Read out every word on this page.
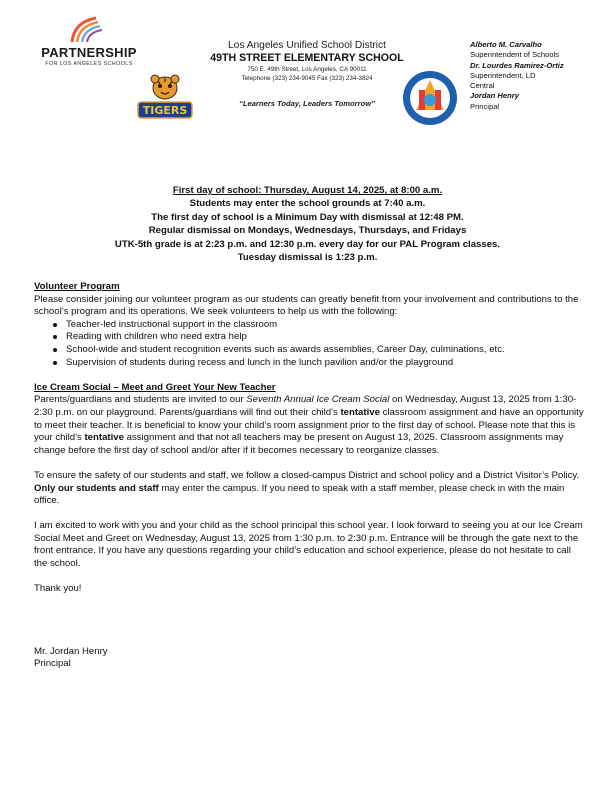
PARTNERSHIP
FOR LOS ANGELES SCHOOLS
TIGERS
Los Angeles Unified School District
49TH STREET ELEMENTARY SCHOOL
750 E. 49th Street, Los Angeles, CA 90011
Telephone (323) 234-9045 Fax (323) 234-3824
“Learners Today, Leaders Tomorrow”
Alberto M. Carvalho
Superintendent of Schools
Dr. Lourdes Ramirez-Ortiz
Superintendent, LD Central
Jordan Henry
Principal
First day of school: Thursday, August 14, 2025, at 8:00 a.m.
Students may enter the school grounds at 7:40 a.m.
The first day of school is a Minimum Day with dismissal at 12:48 PM.
Regular dismissal on Mondays, Wednesdays, Thursdays, and Fridays
UTK-5th grade is at 2:23 p.m. and 12:30 p.m. every day for our PAL Program classes.
Tuesday dismissal is 1:23 p.m.
Volunteer Program

Please consider joining our volunteer program as our students can greatly benefit from your involvement and contributions to the school’s program and its operations. We seek volunteers to help us with the following:

Teacher-led instructional support in the classroom
Reading with children who need extra help
School-wide and student recognition events such as awards assemblies, Career Day, culminations, etc.
Supervision of students during recess and lunch in the lunch pavilion and/or the playground
Ice Cream Social – Meet and Greet Your New Teacher

Parents/guardians and students are invited to our Seventh Annual Ice Cream Social on Wednesday, August 13, 2025 from 1:30-2:30 p.m. on our playground. Parents/guardians will find out their child’s tentative classroom assignment and have an opportunity to meet their teacher. It is beneficial to know your child’s room assignment prior to the first day of school. Please note that this is your child’s tentative assignment and that not all teachers may be present on August 13, 2025. Classroom assignments may change before the first day of school and/or after if it becomes necessary to reorganize classes.

To ensure the safety of our students and staff, we follow a closed-campus District and school policy and a District Visitor’s Policy. Only our students and staff may enter the campus. If you need to speak with a staff member, please check in with the main office.

I am excited to work with you and your child as the school principal this school year. I look forward to seeing you at our Ice Cream Social Meet and Greet on Wednesday, August 13, 2025 from 1:30 p.m. to 2:30 p.m. Entrance will be through the gate next to the front entrance. If you have any questions regarding your child’s education and school experience, please do not hesitate to call the school.

Thank you!

Mr. Jordan Henry

Principal
